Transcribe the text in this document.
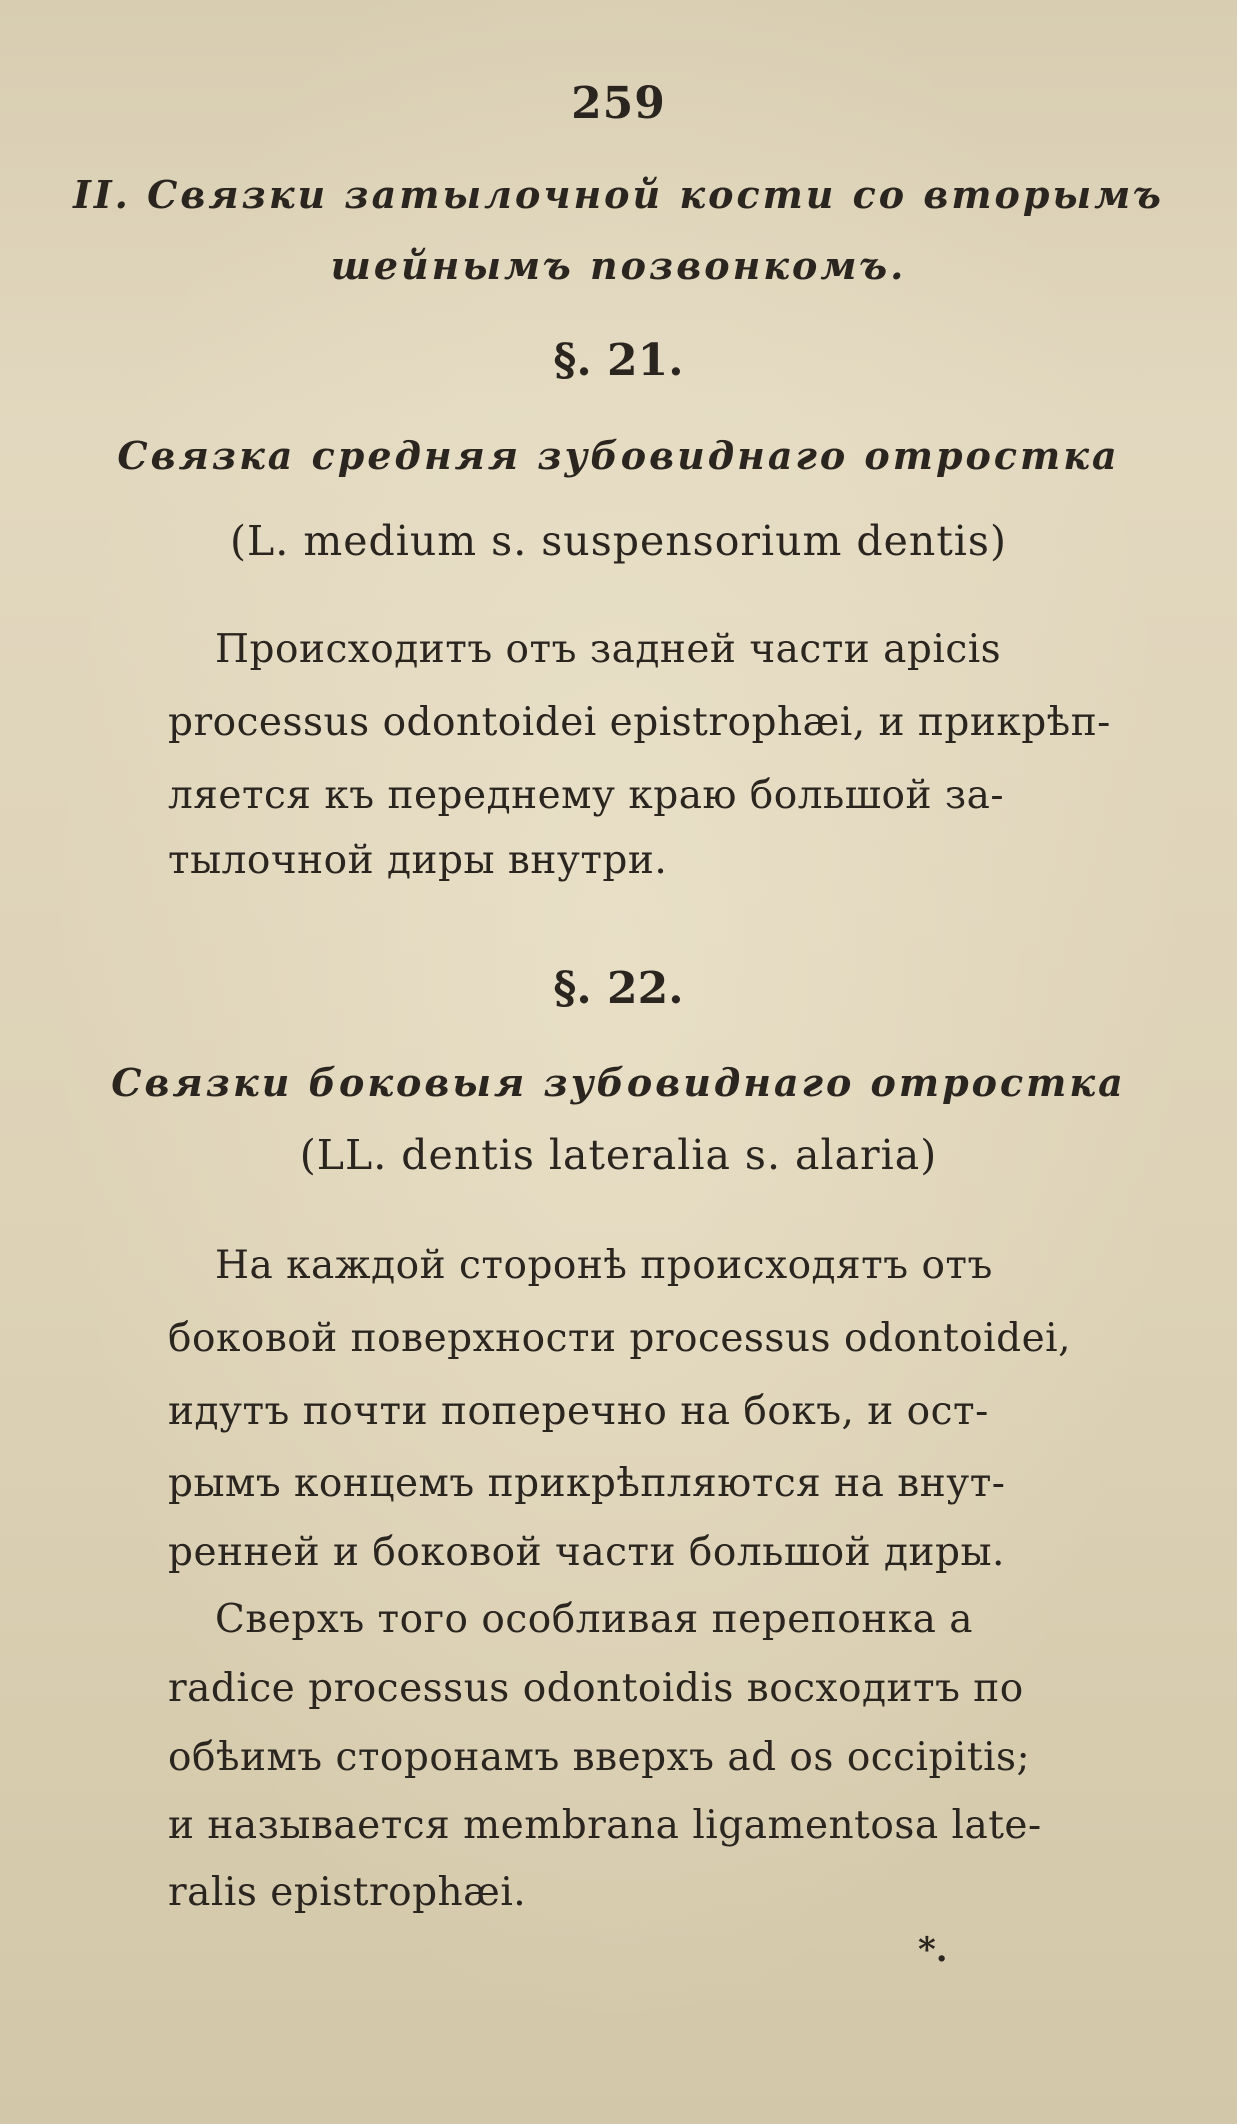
259
II. Связки затылочной кости со вторымъ
шейнымъ позвонкомъ.
§. 21.
Связка средняя зубовиднаго отростка
(L. medium s. suspensorium dentis)
Происходитъ отъ задней части apicis
processus odontoidei epistrophæi, и прикрѣп-
ляется къ переднему краю большой за-
тылочной диры внутри.
§. 22.
Связки боковыя зубовиднаго отростка
(LL. dentis lateralia s. alaria)
На каждой сторонѣ происходятъ отъ
боковой поверхности processus odontoidei,
идутъ почти поперечно на бокъ, и ост-
рымъ концемъ прикрѣпляются на внут-
ренней и боковой части большой диры.
Сверхъ того особливая перепонка a
radice processus odontoidis восходитъ по
обѣимъ сторонамъ вверхъ ad os occipitis;
и называется membrana ligamentosa late-
ralis epistrophæi.
*.
